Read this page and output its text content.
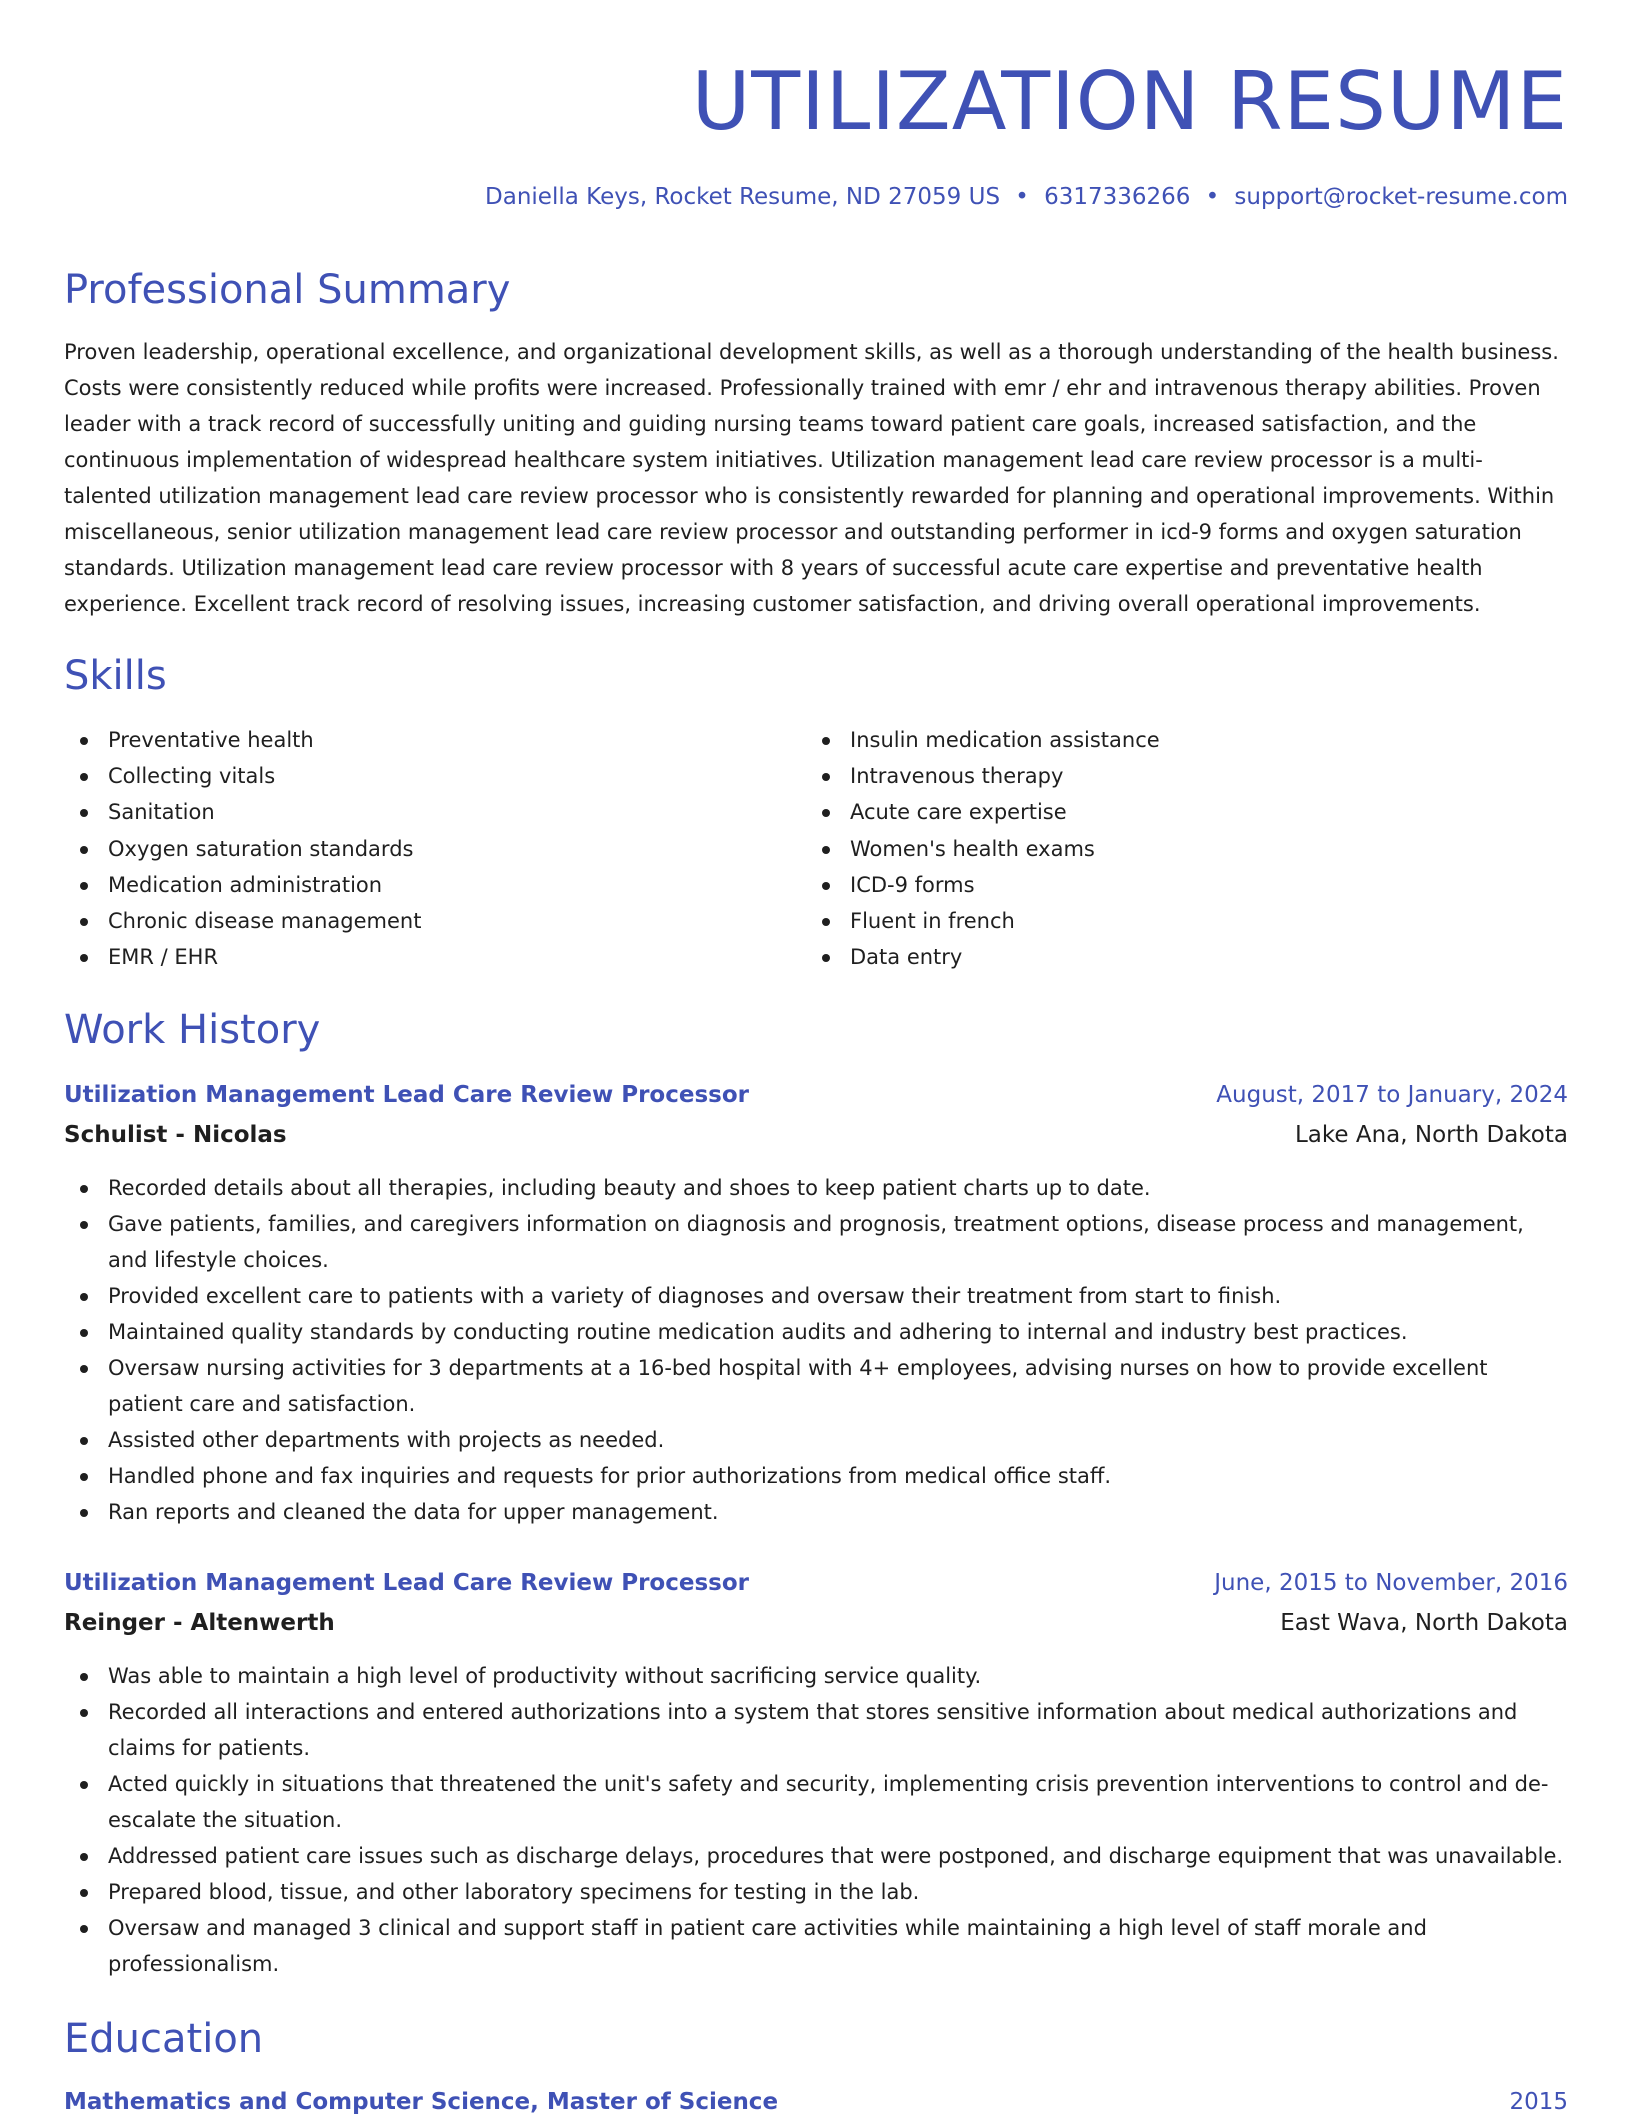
UTILIZATION RESUME
Daniella Keys, Rocket Resume, ND 27059 US • 6317336266 • support@rocket-resume.com
Professional Summary

Proven leadership, operational excellence, and organizational development skills, as well as a thorough understanding of the health business. Costs were consistently reduced while profits were increased. Professionally trained with emr / ehr and intravenous therapy abilities. Proven leader with a track record of successfully uniting and guiding nursing teams toward patient care goals, increased satisfaction, and the continuous implementation of widespread healthcare system initiatives. Utilization management lead care review processor is a multi-talented utilization management lead care review processor who is consistently rewarded for planning and operational improvements. Within miscellaneous, senior utilization management lead care review processor and outstanding performer in icd-9 forms and oxygen saturation standards. Utilization management lead care review processor with 8 years of successful acute care expertise and preventative health experience. Excellent track record of resolving issues, increasing customer satisfaction, and driving overall operational improvements.

Skills
Preventative health
Collecting vitals
Sanitation
Oxygen saturation standards
Medication administration
Chronic disease management
EMR / EHR
Insulin medication assistance
Intravenous therapy
Acute care expertise
Women's health exams
ICD-9 forms
Fluent in french
Data entry
Work History
Utilization Management Lead Care Review Processor	August, 2017 to January, 2024
Schulist - Nicolas	Lake Ana, North Dakota
Recorded details about all therapies, including beauty and shoes to keep patient charts up to date.
Gave patients, families, and caregivers information on diagnosis and prognosis, treatment options, disease process and management, and lifestyle choices.
Provided excellent care to patients with a variety of diagnoses and oversaw their treatment from start to finish.
Maintained quality standards by conducting routine medication audits and adhering to internal and industry best practices.
Oversaw nursing activities for 3 departments at a 16-bed hospital with 4+ employees, advising nurses on how to provide excellent patient care and satisfaction.
Assisted other departments with projects as needed.
Handled phone and fax inquiries and requests for prior authorizations from medical office staff.
Ran reports and cleaned the data for upper management.
Utilization Management Lead Care Review Processor	June, 2015 to November, 2016
Reinger - Altenwerth	East Wava, North Dakota
Was able to maintain a high level of productivity without sacrificing service quality.
Recorded all interactions and entered authorizations into a system that stores sensitive information about medical authorizations and claims for patients.
Acted quickly in situations that threatened the unit's safety and security, implementing crisis prevention interventions to control and de-escalate the situation.
Addressed patient care issues such as discharge delays, procedures that were postponed, and discharge equipment that was unavailable.
Prepared blood, tissue, and other laboratory specimens for testing in the lab.
Oversaw and managed 3 clinical and support staff in patient care activities while maintaining a high level of staff morale and professionalism.
Education
Mathematics and Computer Science, Master of Science	2015
